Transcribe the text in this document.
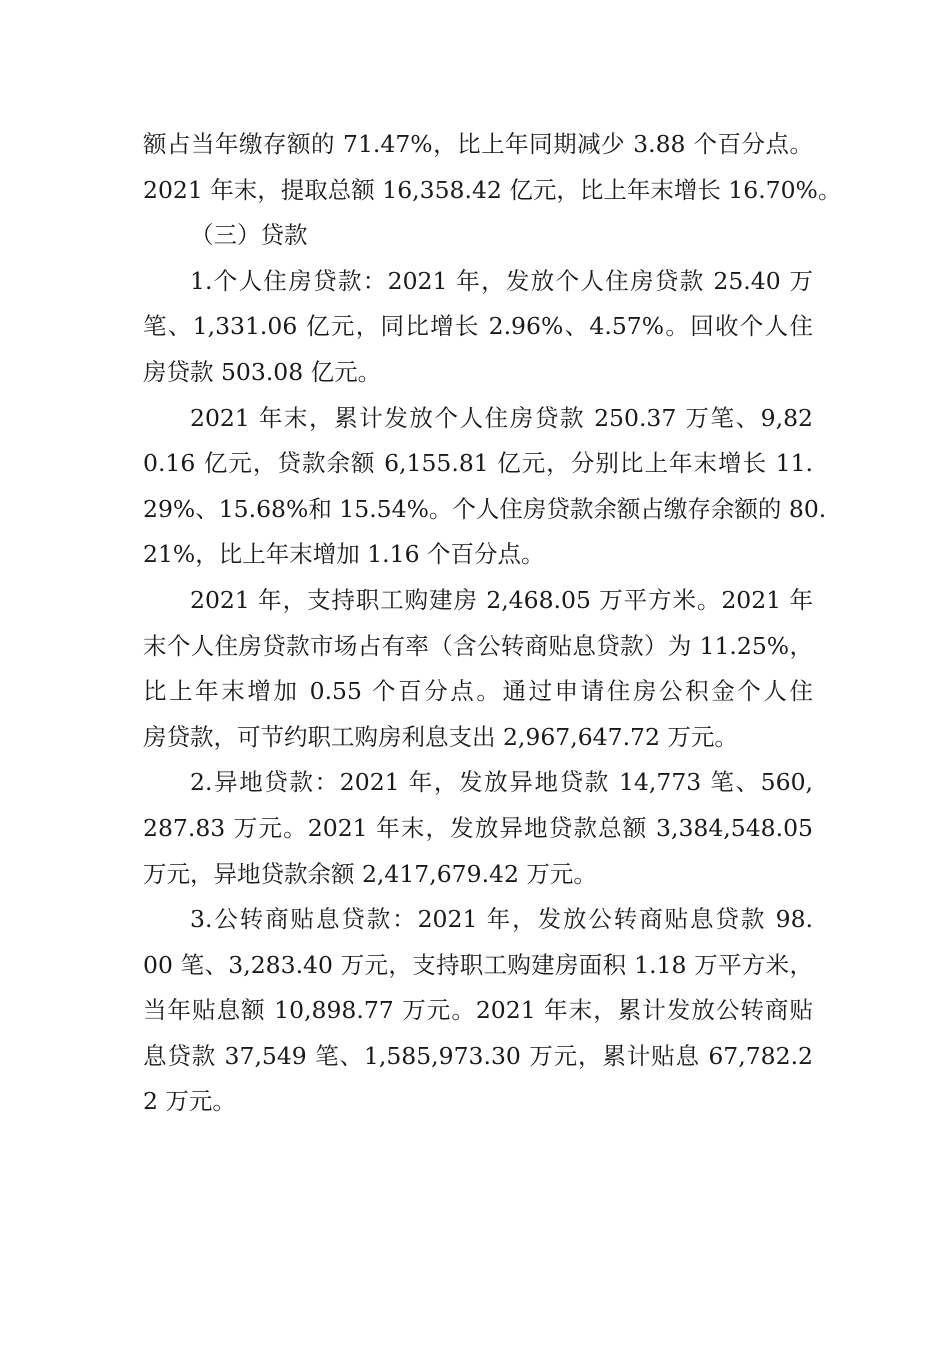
额占当年缴存额的 71.47%，比上年同期减少 3.88 个百分点。
2021 年末，提取总额 16,358.42 亿元，比上年末增长 16.70%。
（三）贷款
1.个人住房贷款：2021 年，发放个人住房贷款 25.40 万
笔、1,331.06 亿元，同比增长 2.96%、4.57%。回收个人住
房贷款 503.08 亿元。
2021 年末，累计发放个人住房贷款 250.37 万笔、9,82
0.16 亿元，贷款余额 6,155.81 亿元，分别比上年末增长 11.
29%、15.68%和 15.54%。个人住房贷款余额占缴存余额的 80.
21%，比上年末增加 1.16 个百分点。
2021 年，支持职工购建房 2,468.05 万平方米。2021 年
末个人住房贷款市场占有率（含公转商贴息贷款）为 11.25%，
比上年末增加 0.55 个百分点。通过申请住房公积金个人住
房贷款，可节约职工购房利息支出 2,967,647.72 万元。
2.异地贷款：2021 年，发放异地贷款 14,773 笔、560,
287.83 万元。2021 年末，发放异地贷款总额 3,384,548.05
万元，异地贷款余额 2,417,679.42 万元。
3.公转商贴息贷款：2021 年，发放公转商贴息贷款 98.
00 笔、3,283.40 万元，支持职工购建房面积 1.18 万平方米，
当年贴息额 10,898.77 万元。2021 年末，累计发放公转商贴
息贷款 37,549 笔、1,585,973.30 万元，累计贴息 67,782.2
2 万元。
